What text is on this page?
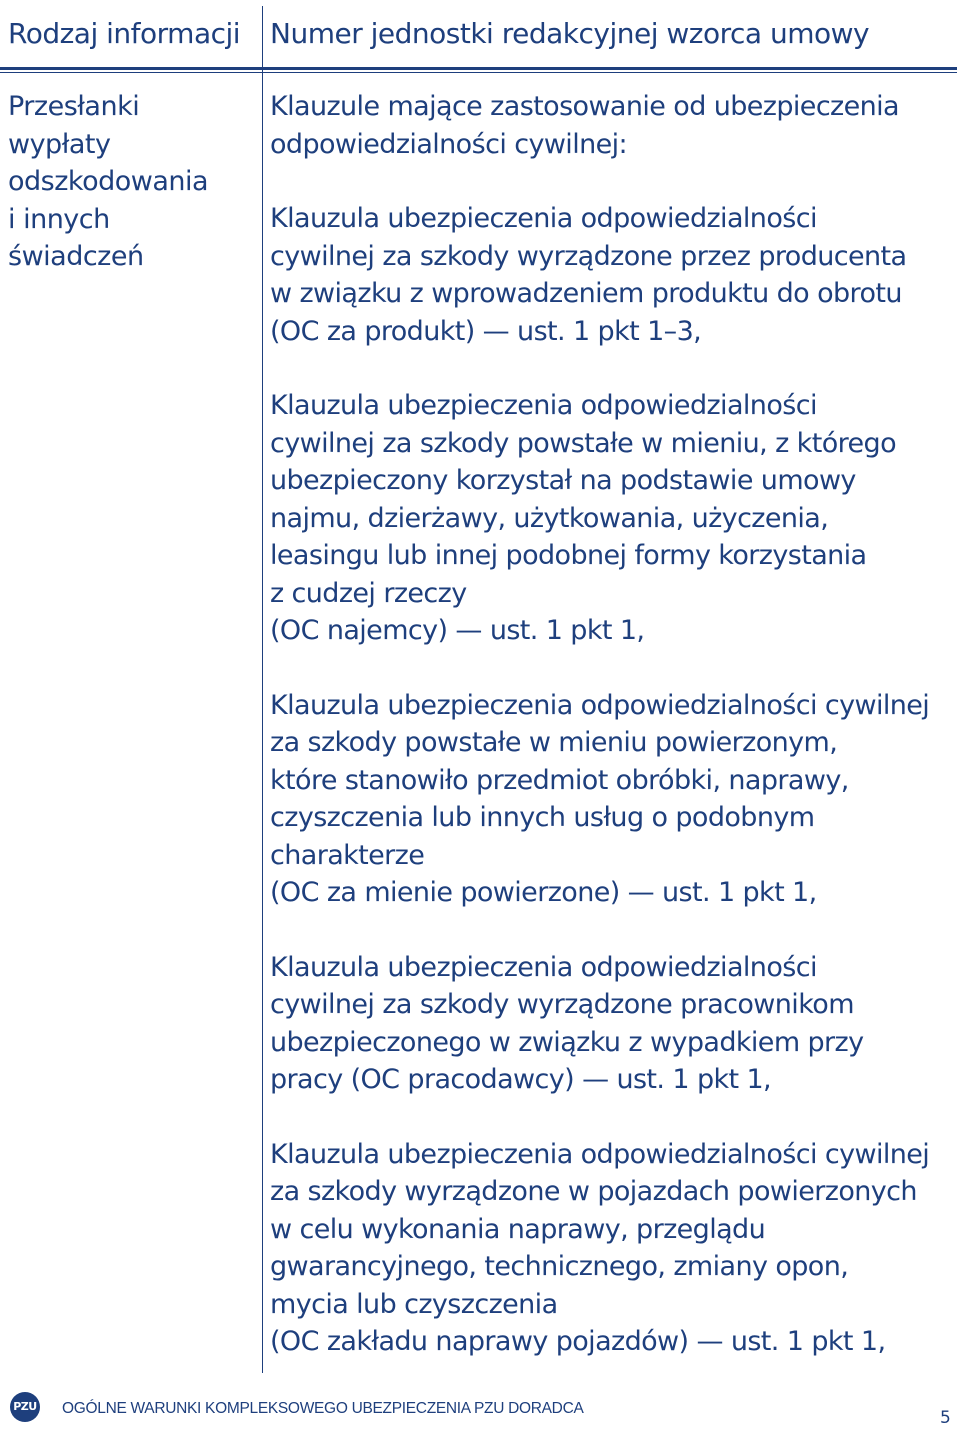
Rodzaj informacji Numer jednostki redakcyjnej wzorca umowy
Przesłanki
wypłaty
odszkodowania
i innych
świadczeń

Klauzule mające zastosowanie od ubezpieczenia
odpowiedzialności cywilnej:

Klauzula ubezpieczenia odpowiedzialności
cywilnej za szkody wyrządzone przez producenta
w związku z wprowadzeniem produktu do obrotu
(OC za produkt) — ust. 1 pkt 1–3,

Klauzula ubezpieczenia odpowiedzialności
cywilnej za szkody powstałe w mieniu, z którego
ubezpieczony korzystał na podstawie umowy
najmu, dzierżawy, użytkowania, użyczenia,
leasingu lub innej podobnej formy korzystania
z cudzej rzeczy
(OC najemcy) — ust. 1 pkt 1,

Klauzula ubezpieczenia odpowiedzialności cywilnej
za szkody powstałe w mieniu powierzonym,
które stanowiło przedmiot obróbki, naprawy,
czyszczenia lub innych usług o podobnym
charakterze
(OC za mienie powierzone) — ust. 1 pkt 1,

Klauzula ubezpieczenia odpowiedzialności
cywilnej za szkody wyrządzone pracownikom
ubezpieczonego w związku z wypadkiem przy
pracy (OC pracodawcy) — ust. 1 pkt 1,

Klauzula ubezpieczenia odpowiedzialności cywilnej
za szkody wyrządzone w pojazdach powierzonych
w celu wykonania naprawy, przeglądu
gwarancyjnego, technicznego, zmiany opon,
mycia lub czyszczenia
(OC zakładu naprawy pojazdów) — ust. 1 pkt 1,

PZU OGÓLNE WARUNKI KOMPLEKSOWEGO UBEZPIECZENIA PZU DORADCA	5
